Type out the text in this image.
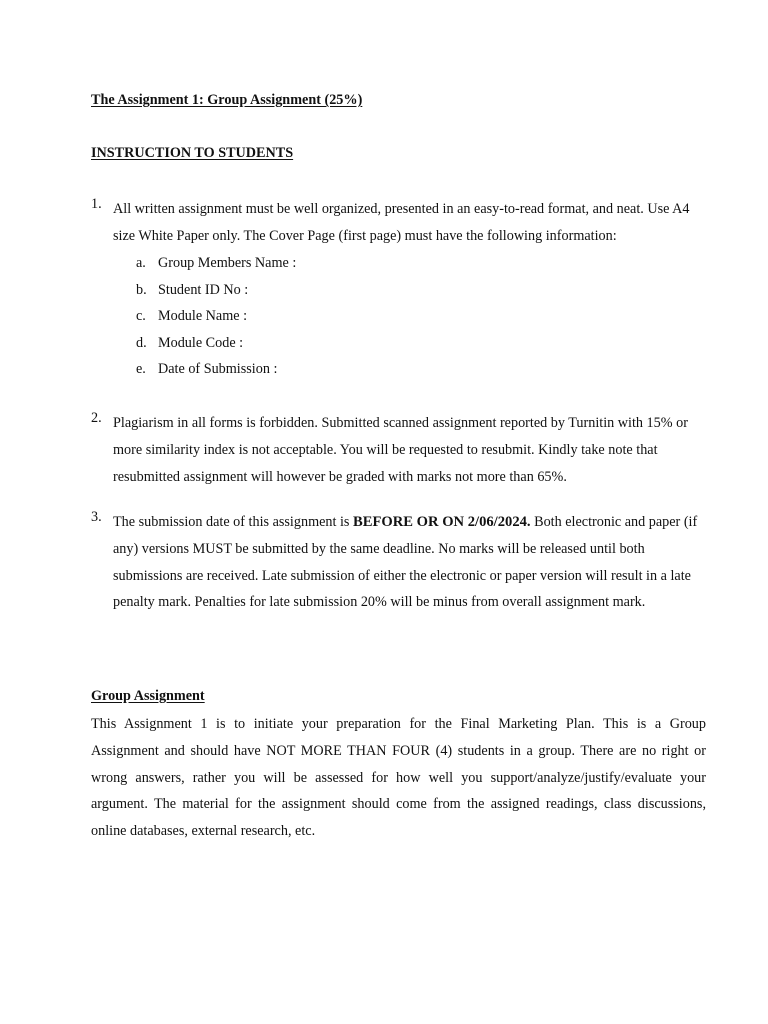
The Assignment 1: Group Assignment (25%)
INSTRUCTION TO STUDENTS
1. All written assignment must be well organized, presented in an easy-to-read format, and neat. Use A4 size White Paper only. The Cover Page (first page) must have the following information:
a. Group Members Name :
b. Student ID No :
c. Module Name :
d. Module Code :
e. Date of Submission :
2. Plagiarism in all forms is forbidden. Submitted scanned assignment reported by Turnitin with 15% or more similarity index is not acceptable. You will be requested to resubmit. Kindly take note that resubmitted assignment will however be graded with marks not more than 65%.
3. The submission date of this assignment is BEFORE OR ON 2/06/2024. Both electronic and paper (if any) versions MUST be submitted by the same deadline. No marks will be released until both submissions are received. Late submission of either the electronic or paper version will result in a late penalty mark. Penalties for late submission 20% will be minus from overall assignment mark.
Group Assignment
This Assignment 1 is to initiate your preparation for the Final Marketing Plan. This is a Group
Assignment and should have NOT MORE THAN FOUR (4) students in a group. There are no right or
wrong answers, rather you will be assessed for how well you support/analyze/justify/evaluate your
argument. The material for the assignment should come from the assigned readings, class discussions,
online databases, external research, etc.
